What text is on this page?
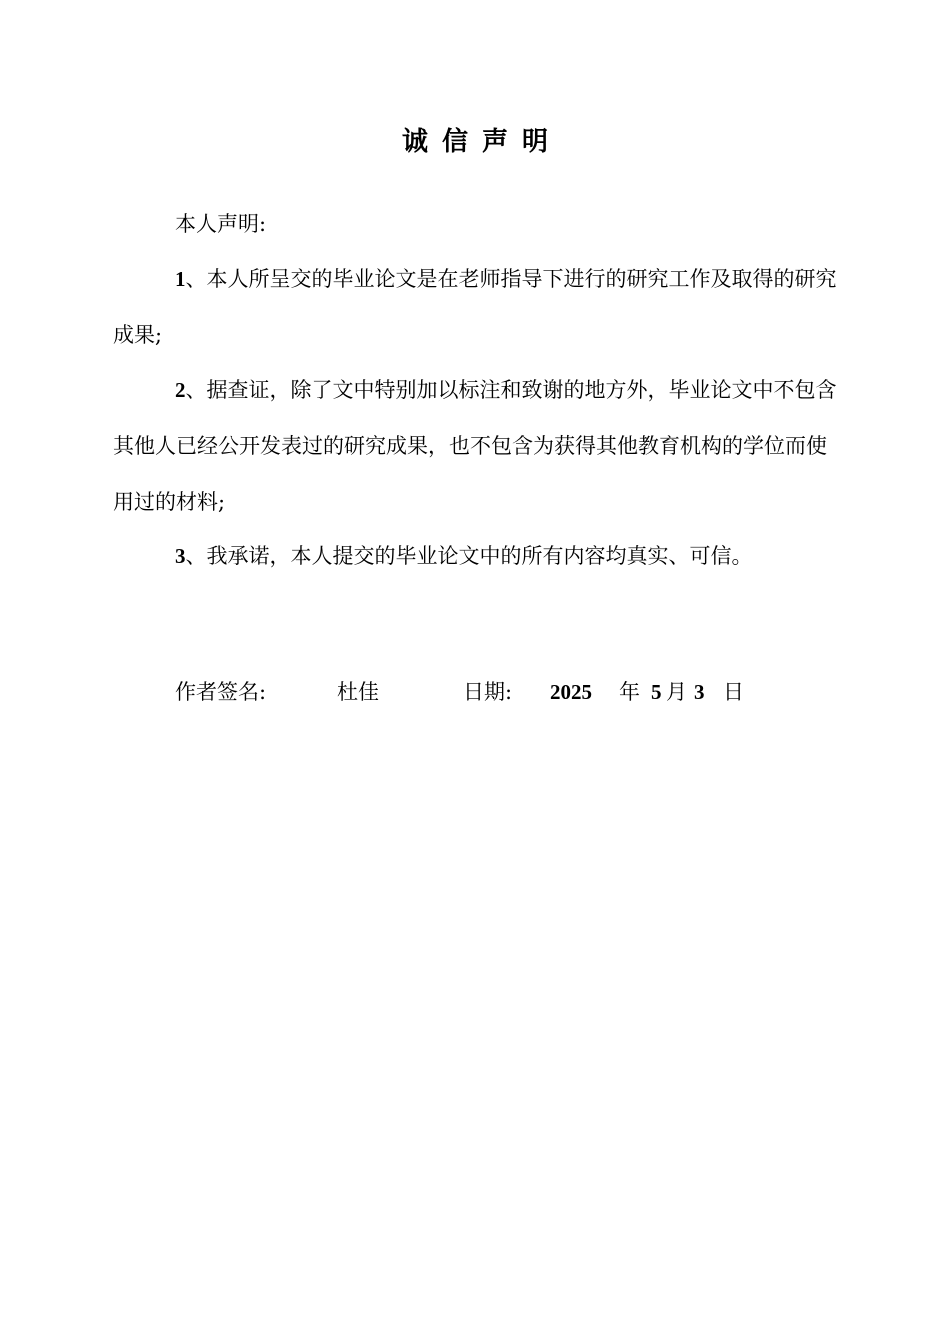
诚信声明

本人声明:

1、本人所呈交的毕业论文是在老师指导下进行的研究工作及取得的研究成果;

2、据查证，除了文中特别加以标注和致谢的地方外，毕业论文中不包含其他人已经公开发表过的研究成果，也不包含为获得其他教育机构的学位而使用过的材料;

3、我承诺，本人提交的毕业论文中的所有内容均真实、可信。

作者签名:	杜佳	日期: 2025 年 5 月 3 日
